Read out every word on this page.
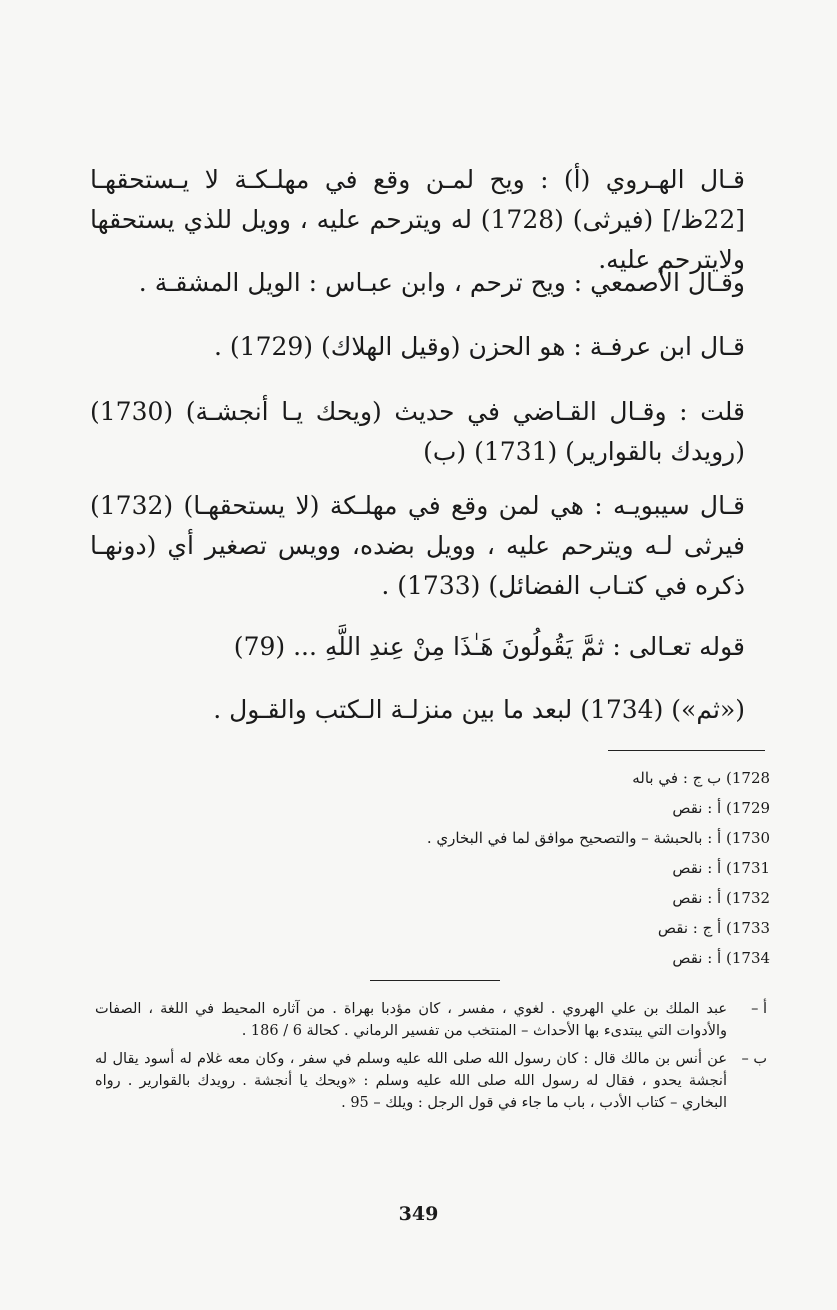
قـال الهـروي (أ) : ويح لمـن وقع في مهلـكـة لا يـستحقهـا [22ظ/] (فيرثى) (1728) له ويترحم عليه ، وويل للذي يستحقها ولايترحم عليه.

وقـال الأصمعي : ويح ترحم ، وابن عبـاس : الويل المشقـة .

قـال ابن عرفـة : هو الحزن (وقيل الهلاك) (1729) .

قلت : وقـال القـاضي في حديث (ويحك يـا أنجشـة) (1730) (رويدك بالقوارير) (1731) (ب)

قـال سيبويـه : هي لمن وقع في مهلـكة (لا يستحقهـا) (1732) فيرثى لـه ويترحم عليه ، وويل بضده، وويس تصغير أي (دونهـا ذكره في كتـاب الفضائل) (1733) .

قوله تعـالى : ثمَّ يَقُولُونَ هَـٰذَا مِنْ عِندِ اللَّهِ ... (79)

(«ثم») (1734) لبعد ما بين منزلـة الـكتب والقـول .

(1728 ب ج : في باله
(1729 أ : نقص
(1730 أ : بالحبشة – والتصحيح موافق لما في البخاري .
(1731 أ : نقص
(1732 أ : نقص
(1733 أ ج : نقص
(1734 أ : نقص
أ –
عبد الملك بن علي الهروي . لغوي ، مفسر ، كان مؤدبا بهراة . من آثاره المحيط في اللغة ، الصفات والأدوات التي يبتدىء بها الأحداث – المنتخب من تفسير الرماني . كحالة 6 / 186 .
ب –
عن أنس بن مالك قال : كان رسول الله صلى الله عليه وسلم في سفر ، وكان معه غلام له أسود يقال له أنجشة يحدو ، فقال له رسول الله صلى الله عليه وسلم : «ويحك يا أنجشة . رويدك بالقوارير . رواه البخاري – كتاب الأدب ، باب ما جاء في قول الرجل : ويلك – 95 .
349
